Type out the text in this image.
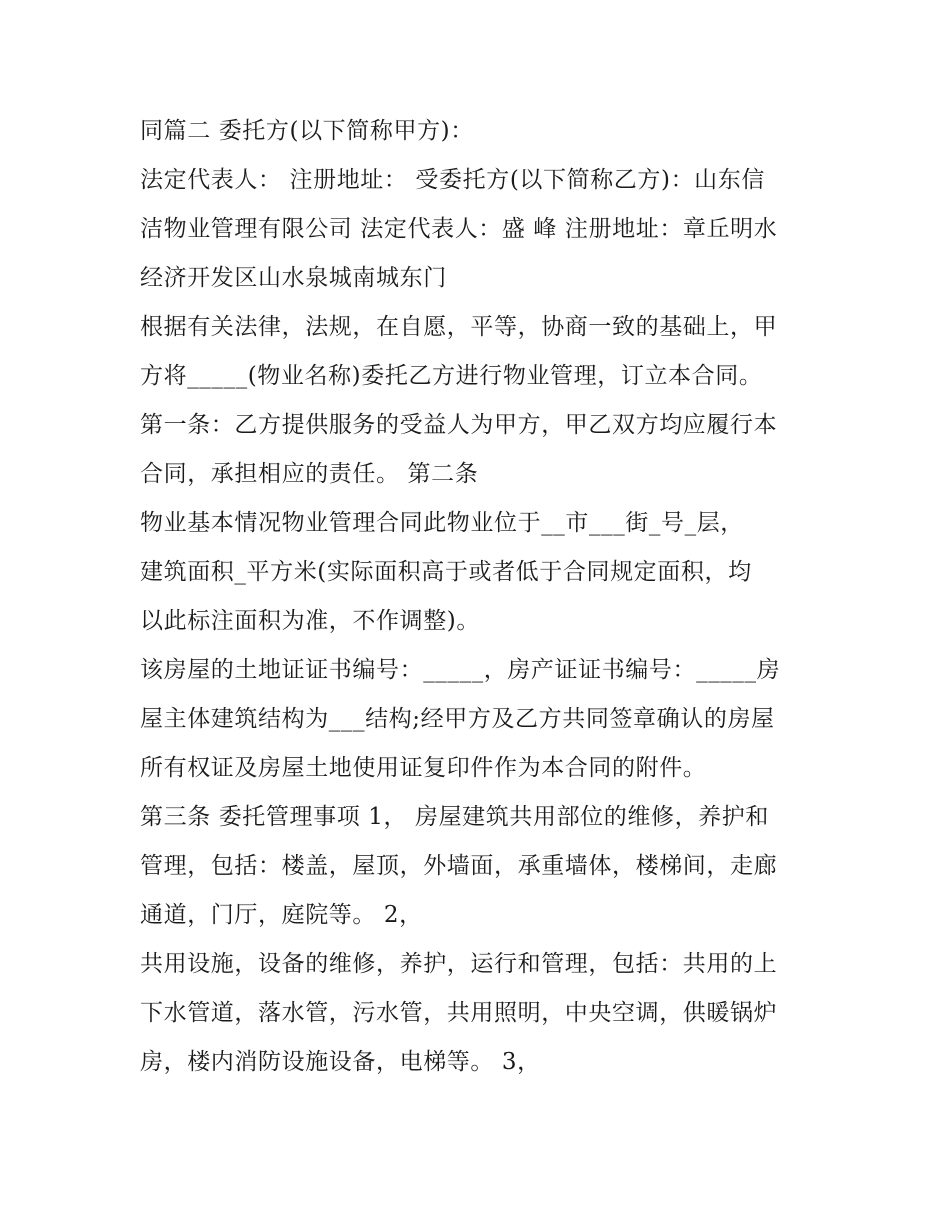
同篇二 委托方(以下简称甲方)：
法定代表人： 注册地址： 受委托方(以下简称乙方)：山东信
洁物业管理有限公司 法定代表人：盛 峰 注册地址：章丘明水
经济开发区山水泉城南城东门
根据有关法律，法规，在自愿，平等，协商一致的基础上，甲
方将_____(物业名称)委托乙方进行物业管理，订立本合同。
第一条：乙方提供服务的受益人为甲方，甲乙双方均应履行本
合同，承担相应的责任。 第二条
物业基本情况物业管理合同此物业位于__市___街_号_层，
建筑面积_平方米(实际面积高于或者低于合同规定面积，均
以此标注面积为准，不作调整)。
该房屋的土地证证书编号：_____，房产证证书编号：_____房
屋主体建筑结构为___结构;经甲方及乙方共同签章确认的房屋
所有权证及房屋土地使用证复印件作为本合同的附件。
第三条 委托管理事项 1， 房屋建筑共用部位的维修，养护和
管理，包括：楼盖，屋顶，外墙面，承重墙体，楼梯间，走廊
通道，门厅，庭院等。 2，
共用设施，设备的维修，养护，运行和管理，包括：共用的上
下水管道，落水管，污水管，共用照明，中央空调，供暖锅炉
房，楼内消防设施设备，电梯等。 3，
